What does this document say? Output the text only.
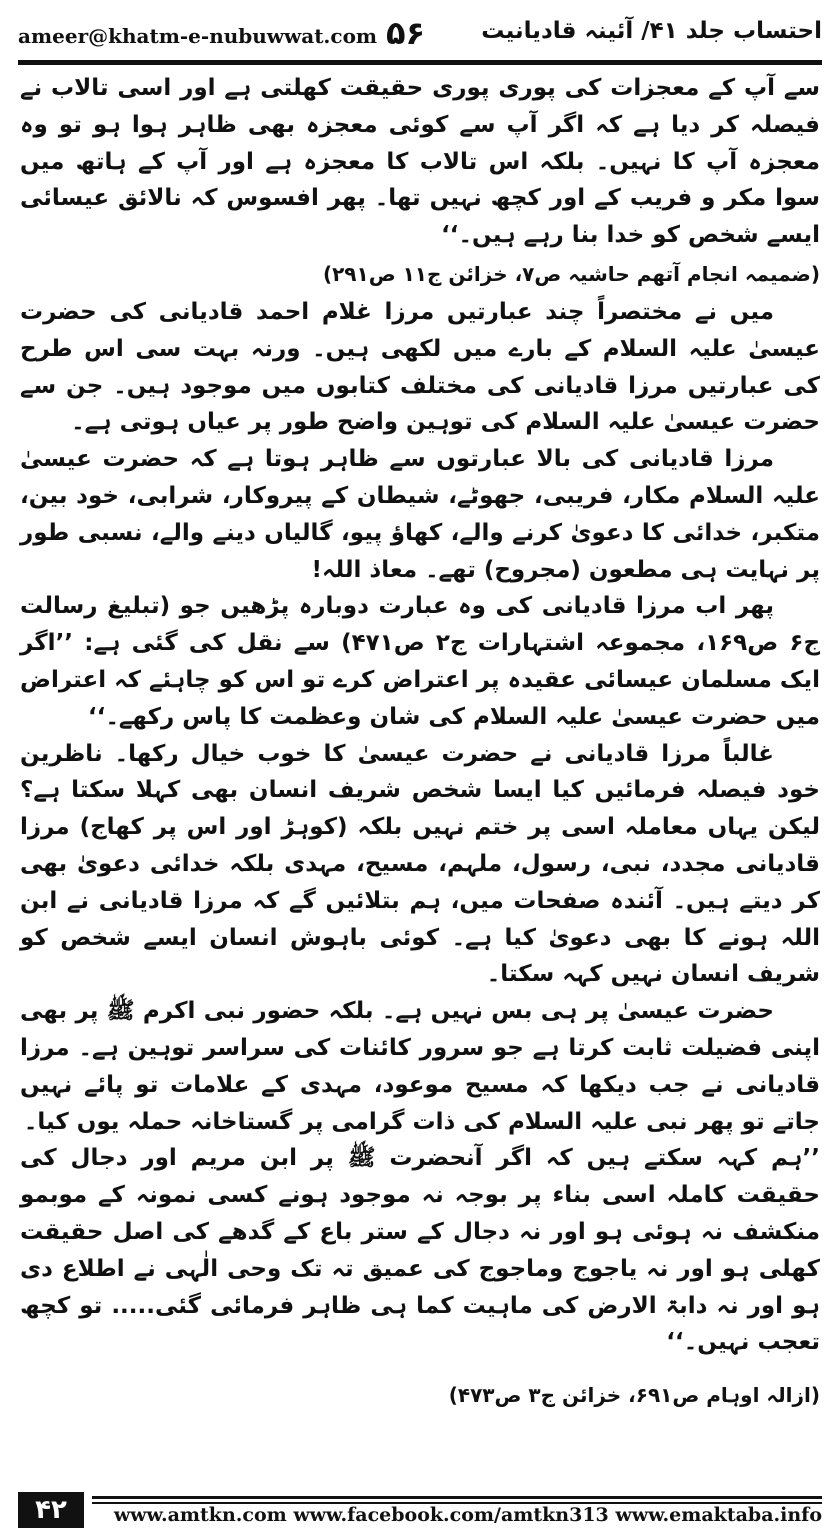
ameer@khatm-e-nubuwwat.com ۵۶ احتساب جلد ۴۱/ آئینہ قادیانیت

سے آپ کے معجزات کی پوری پوری حقیقت کھلتی ہے اور اسی تالاب نے فیصلہ کر دیا ہے کہ اگر آپ سے کوئی معجزہ بھی ظاہر ہوا ہو تو وہ معجزہ آپ کا نہیں۔ بلکہ اس تالاب کا معجزہ ہے اور آپ کے ہاتھ میں سوا مکر و فریب کے اور کچھ نہیں تھا۔ پھر افسوس کہ نالائق عیسائی ایسے شخص کو خدا بنا رہے ہیں۔‘‘

(ضمیمہ انجام آتھم حاشیہ ص۷، خزائن ج۱۱ ص۲۹۱)

میں نے مختصراً چند عبارتیں مرزا غلام احمد قادیانی کی حضرت عیسیٰ علیہ السلام کے بارے میں لکھی ہیں۔ ورنہ بہت سی اس طرح کی عبارتیں مرزا قادیانی کی مختلف کتابوں میں موجود ہیں۔ جن سے حضرت عیسیٰ علیہ السلام کی توہین واضح طور پر عیاں ہوتی ہے۔

مرزا قادیانی کی بالا عبارتوں سے ظاہر ہوتا ہے کہ حضرت عیسیٰ علیہ السلام مکار، فریبی، جھوٹے، شیطان کے پیروکار، شرابی، خود بین، متکبر، خدائی کا دعویٰ کرنے والے، کھاؤ پیو، گالیاں دینے والے، نسبی طور پر نہایت ہی مطعون (مجروح) تھے۔ معاذ اللہ!

پھر اب مرزا قادیانی کی وہ عبارت دوبارہ پڑھیں جو (تبلیغ رسالت ج۶ ص۱۶۹، مجموعہ اشتہارات ج۲ ص۴۷۱) سے نقل کی گئی ہے: ’’اگر ایک مسلمان عیسائی عقیدہ پر اعتراض کرے تو اس کو چاہئے کہ اعتراض میں حضرت عیسیٰ علیہ السلام کی شان وعظمت کا پاس رکھے۔‘‘

غالباً مرزا قادیانی نے حضرت عیسیٰ کا خوب خیال رکھا۔ ناظرین خود فیصلہ فرمائیں کیا ایسا شخص شریف انسان بھی کہلا سکتا ہے؟ لیکن یہاں معاملہ اسی پر ختم نہیں بلکہ (کوہڑ اور اس پر کھاج) مرزا قادیانی مجدد، نبی، رسول، ملہم، مسیح، مہدی بلکہ خدائی دعویٰ بھی کر دیتے ہیں۔ آئندہ صفحات میں، ہم بتلائیں گے کہ مرزا قادیانی نے ابن اللہ ہونے کا بھی دعویٰ کیا ہے۔ کوئی باہوش انسان ایسے شخص کو شریف انسان نہیں کہہ سکتا۔

حضرت عیسیٰ پر ہی بس نہیں ہے۔ بلکہ حضور نبی اکرم ﷺ پر بھی اپنی فضیلت ثابت کرتا ہے جو سرور کائنات کی سراسر توہین ہے۔ مرزا قادیانی نے جب دیکھا کہ مسیح موعود، مہدی کے علامات تو پائے نہیں جاتے تو پھر نبی علیہ السلام کی ذات گرامی پر گستاخانہ حملہ یوں کیا۔

’’ہم کہہ سکتے ہیں کہ اگر آنحضرت ﷺ پر ابن مریم اور دجال کی حقیقت کاملہ اسی بناء پر بوجہ نہ موجود ہونے کسی نمونہ کے موبمو منکشف نہ ہوئی ہو اور نہ دجال کے ستر باع کے گدھے کی اصل حقیقت کھلی ہو اور نہ یاجوج وماجوج کی عمیق تہ تک وحی الٰہی نے اطلاع دی ہو اور نہ دابۃ الارض کی ماہیت کما ہی ظاہر فرمائی گئی..... تو کچھ تعجب نہیں۔‘‘

(ازالہ اوہام ص۶۹۱، خزائن ج۳ ص۴۷۳)

۴۲	www.amtkn.com www.facebook.com/amtkn313 www.emaktaba.info
